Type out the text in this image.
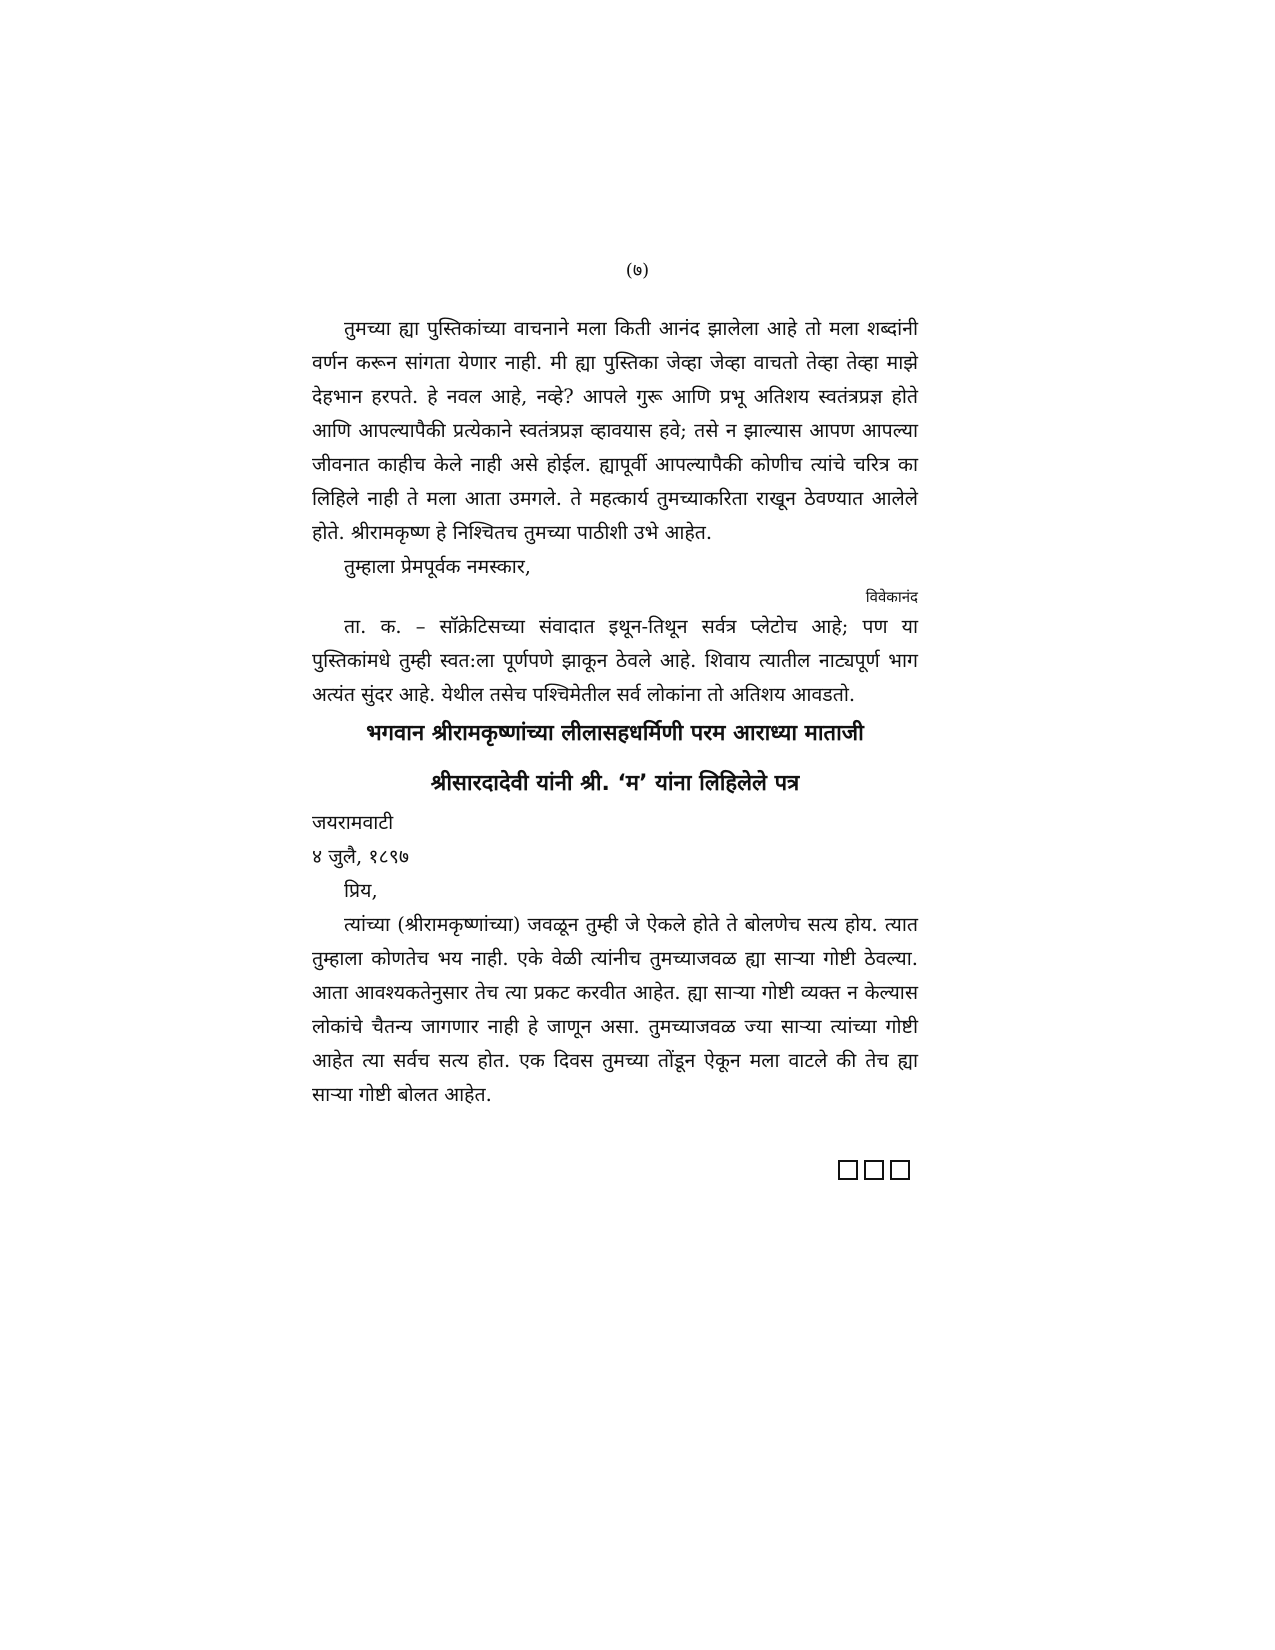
(७)

तुमच्या ह्या पुस्तिकांच्या वाचनाने मला किती आनंद झालेला आहे तो मला शब्दांनी वर्णन करून सांगता येणार नाही. मी ह्या पुस्तिका जेव्हा जेव्हा वाचतो तेव्हा तेव्हा माझे देहभान हरपते. हे नवल आहे, नव्हे? आपले गुरू आणि प्रभू अतिशय स्वतंत्रप्रज्ञ होते आणि आपल्यापैकी प्रत्येकाने स्वतंत्रप्रज्ञ व्हावयास हवे; तसे न झाल्यास आपण आपल्या जीवनात काहीच केले नाही असे होईल. ह्यापूर्वी आपल्यापैकी कोणीच त्यांचे चरित्र का लिहिले नाही ते मला आता उमगले. ते महत्कार्य तुमच्याकरिता राखून ठेवण्यात आलेले होते. श्रीरामकृष्ण हे निश्चितच तुमच्या पाठीशी उभे आहेत.

तुम्हाला प्रेमपूर्वक नमस्कार,

विवेकानंद

ता. क. – सॉक्रेटिसच्या संवादात इथून-तिथून सर्वत्र प्लेटोच आहे; पण या पुस्तिकांमधे तुम्ही स्वत:ला पूर्णपणे झाकून ठेवले आहे. शिवाय त्यातील नाट्यपूर्ण भाग अत्यंत सुंदर आहे. येथील तसेच पश्चिमेतील सर्व लोकांना तो अतिशय आवडतो.

भगवान श्रीरामकृष्णांच्या लीलासहधर्मिणी परम आराध्या माताजी

श्रीसारदादेवी यांनी श्री. ‘म’ यांना लिहिलेले पत्र

जयरामवाटी
४ जुलै, १८९७

प्रिय,

त्यांच्या (श्रीरामकृष्णांच्या) जवळून तुम्ही जे ऐकले होते ते बोलणेच सत्य होय. त्यात तुम्हाला कोणतेच भय नाही. एके वेळी त्यांनीच तुमच्याजवळ ह्या साऱ्या गोष्टी ठेवल्या. आता आवश्यकतेनुसार तेच त्या प्रकट करवीत आहेत. ह्या साऱ्या गोष्टी व्यक्त न केल्यास लोकांचे चैतन्य जागणार नाही हे जाणून असा. तुमच्याजवळ ज्या साऱ्या त्यांच्या गोष्टी आहेत त्या सर्वच सत्य होत. एक दिवस तुमच्या तोंडून ऐकून मला वाटले की तेच ह्या साऱ्या गोष्टी बोलत आहेत.
